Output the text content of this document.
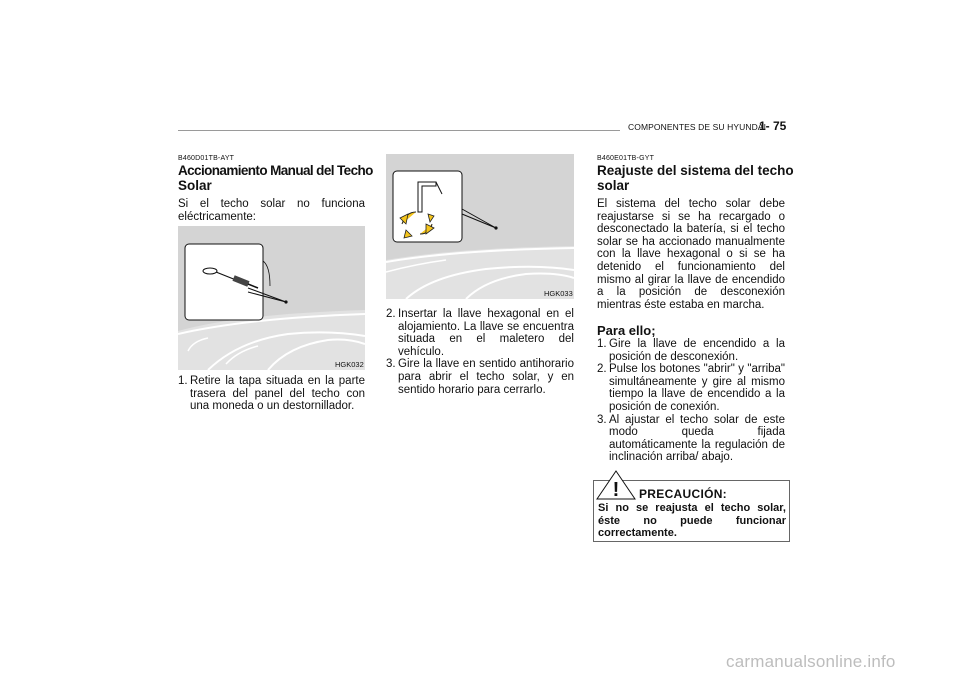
COMPONENTES DE SU HYUNDAI
1- 75
B460D01TB-AYT
Accionamiento Manual del Techo
Solar
Si el techo solar no funciona
eléctricamente:
HGK032
1. Retire la tapa situada en la parte trasera del panel del techo con una moneda o un destornillador.
HGK033
2. Insertar la llave hexagonal en el alojamiento. La llave se encuentra situada en el maletero del vehículo.
3. Gire la llave en sentido antihorario para abrir el techo solar, y en sentido horario para cerrarlo.
B460E01TB-GYT
Reajuste del sistema del techo
solar
El sistema del techo solar debe reajustarse si se ha recargado o desconectado la batería, si el techo solar se ha accionado manualmente con la llave hexagonal o si se ha detenido el funcionamiento del mismo al girar la llave de encendido a la posición de desconexión mientras éste estaba en marcha.
Para ello;
1. Gire la llave de encendido a la posición de desconexión.
2. Pulse los botones "abrir" y "arriba" simultáneamente y gire al mismo tiempo la llave de encendido a la posición de conexión.
3. Al ajustar el techo solar de este modo queda fijada automáticamente la regulación de inclinación arriba/ abajo.
PRECAUCIÓN:
Si no se reajusta el techo solar, éste no puede funcionar correctamente.
!
carmanualsonline.info
